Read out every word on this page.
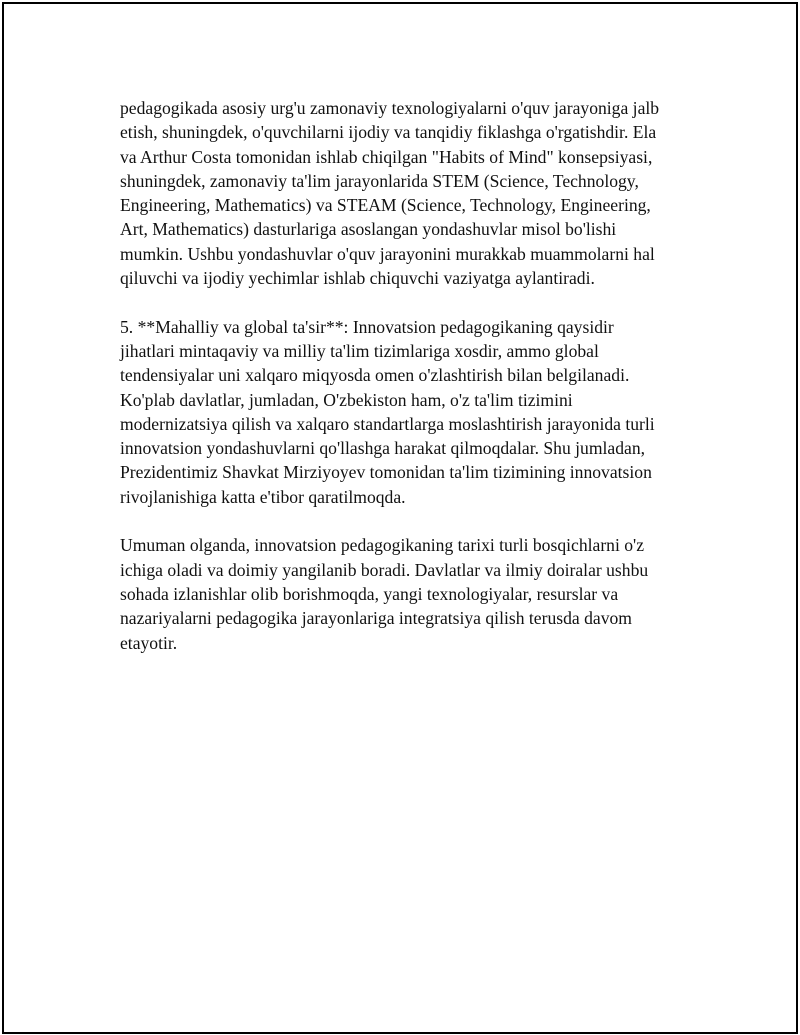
pedagogikada asosiy urg'u zamonaviy texnologiyalarni o'quv jarayoniga jalb
etish, shuningdek, o'quvchilarni ijodiy va tanqidiy fiklashga o'rgatishdir. Ela
va Arthur Costa tomonidan ishlab chiqilgan "Habits of Mind" konsepsiyasi,
shuningdek, zamonaviy ta'lim jarayonlarida STEM (Science, Technology,
Engineering, Mathematics) va STEAM (Science, Technology, Engineering,
Art, Mathematics) dasturlariga asoslangan yondashuvlar misol bo'lishi
mumkin. Ushbu yondashuvlar o'quv jarayonini murakkab muammolarni hal
qiluvchi va ijodiy yechimlar ishlab chiquvchi vaziyatga aylantiradi.

5. **Mahalliy va global ta'sir**: Innovatsion pedagogikaning qaysidir
jihatlari mintaqaviy va milliy ta'lim tizimlariga xosdir, ammo global
tendensiyalar uni xalqaro miqyosda omen o'zlashtirish bilan belgilanadi.
Ko'plab davlatlar, jumladan, O'zbekiston ham, o'z ta'lim tizimini
modernizatsiya qilish va xalqaro standartlarga moslashtirish jarayonida turli
innovatsion yondashuvlarni qo'llashga harakat qilmoqdalar. Shu jumladan,
Prezidentimiz Shavkat Mirziyoyev tomonidan ta'lim tizimining innovatsion
rivojlanishiga katta e'tibor qaratilmoqda.

Umuman olganda, innovatsion pedagogikaning tarixi turli bosqichlarni o'z
ichiga oladi va doimiy yangilanib boradi. Davlatlar va ilmiy doiralar ushbu
sohada izlanishlar olib borishmoqda, yangi texnologiyalar, resurslar va
nazariyalarni pedagogika jarayonlariga integratsiya qilish terusda davom
etayotir.
